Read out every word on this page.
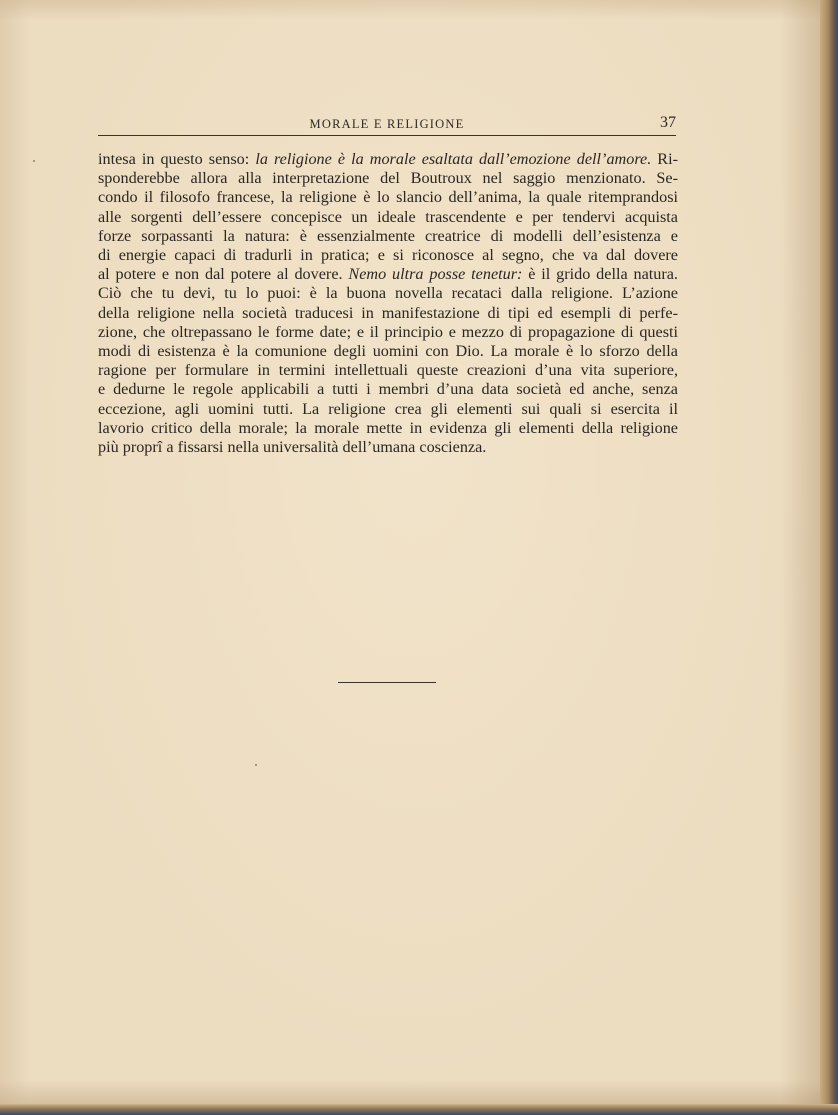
MORALE E RELIGIONE	37
intesa in questo senso: la religione è la morale esaltata dall’emozione dell’amore. Ri-
sponderebbe allora alla interpretazione del Boutroux nel saggio menzionato. Se-
condo il filosofo francese, la religione è lo slancio dell’anima, la quale ritemprandosi
alle sorgenti dell’essere concepisce un ideale trascendente e per tendervi acquista
forze sorpassanti la natura: è essenzialmente creatrice di modelli dell’esistenza e
di energie capaci di tradurli in pratica; e si riconosce al segno, che va dal dovere
al potere e non dal potere al dovere. Nemo ultra posse tenetur: è il grido della natura.
Ciò che tu devi, tu lo puoi: è la buona novella recataci dalla religione. L’azione
della religione nella società traducesi in manifestazione di tipi ed esempli di perfe-
zione, che oltrepassano le forme date; e il principio e mezzo di propagazione di questi
modi di esistenza è la comunione degli uomini con Dio. La morale è lo sforzo della
ragione per formulare in termini intellettuali queste creazioni d’una vita superiore,
e dedurne le regole applicabili a tutti i membri d’una data società ed anche, senza
eccezione, agli uomini tutti. La religione crea gli elementi sui quali si esercita il
lavorio critico della morale; la morale mette in evidenza gli elementi della religione
più proprî a fissarsi nella universalità dell’umana coscienza.
